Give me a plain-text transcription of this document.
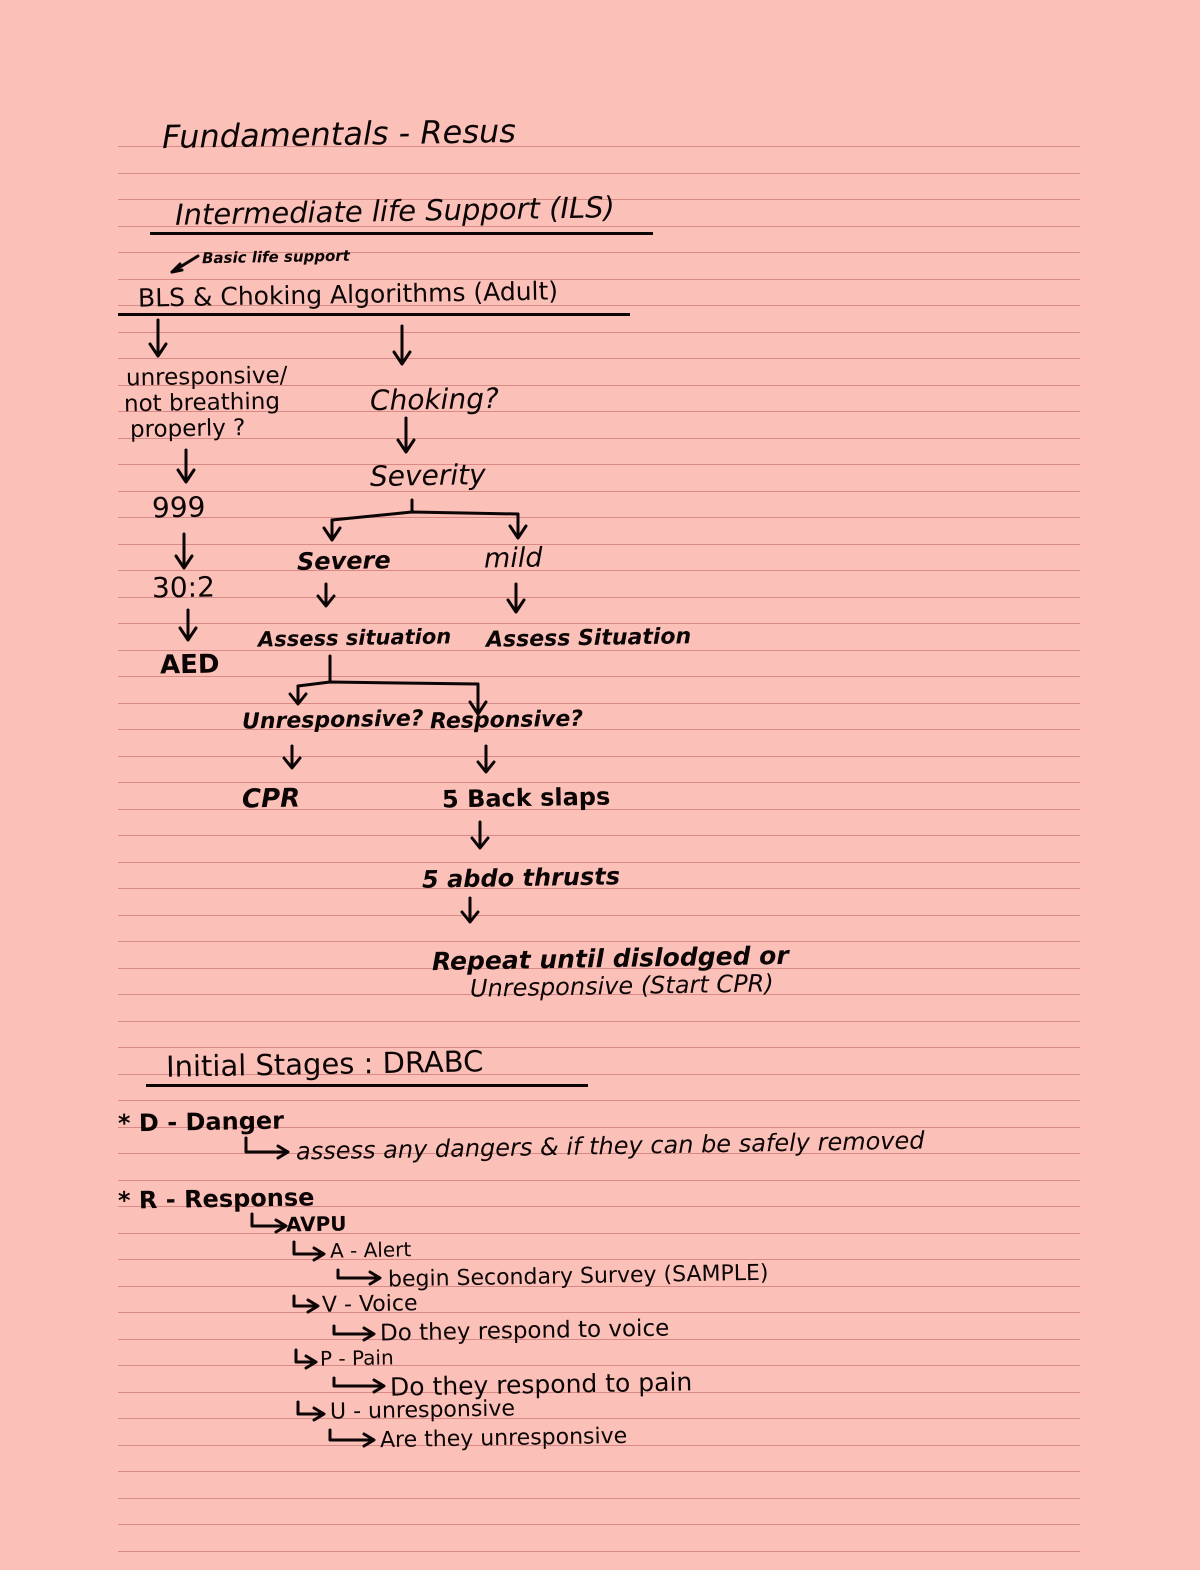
Fundamentals - Resus
Intermediate life Support (ILS)
Basic life support
BLS & Choking Algorithms (Adult)
unresponsive/
not breathing
properly ?
999
30:2
AED
Choking?
Severity
Severe	mild
Assess situation Assess Situation
Unresponsive? Responsive?
CPR	5 Back slaps
5 abdo thrusts
Repeat until dislodged or
Unresponsive (Start CPR)
Initial Stages : DRABC
* D - Danger
assess any dangers & if they can be safely removed
* R - Response
AVPU
A - Alert
begin Secondary Survey (SAMPLE)
V - Voice
Do they respond to voice
P - Pain
Do they respond to pain
U - unresponsive
Are they unresponsive
